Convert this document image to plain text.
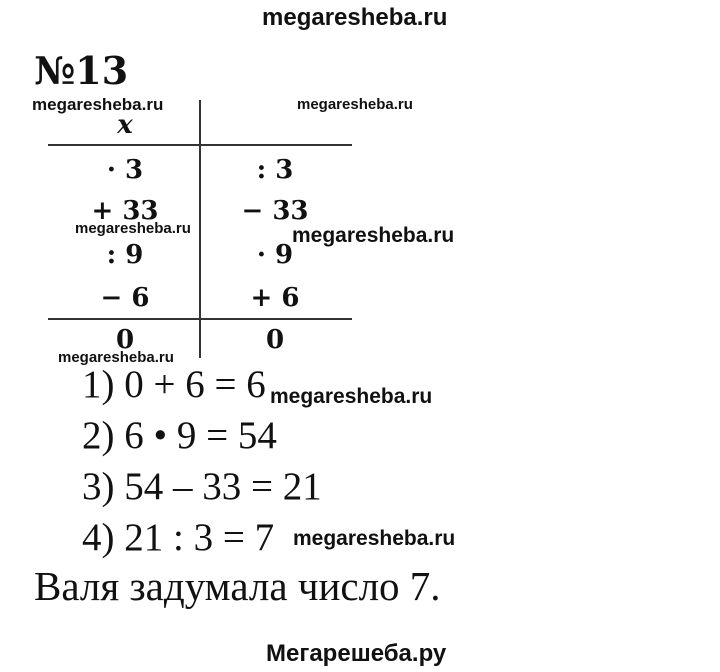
megaresheba.ru
№13
x
· 3	: 3
+ 33	− 33
: 9	· 9
− 6	+ 6
0	0
1) 0 + 6 = 6
2) 6 • 9 = 54
3) 54 – 33 = 21
4) 21 : 3 = 7
Валя задумала число 7.
megaresheba.ru	megaresheba.ru
megaresheba.ru	megaresheba.ru
megaresheba.ru
megaresheba.ru
megaresheba.ru
Мегарешеба.ру
